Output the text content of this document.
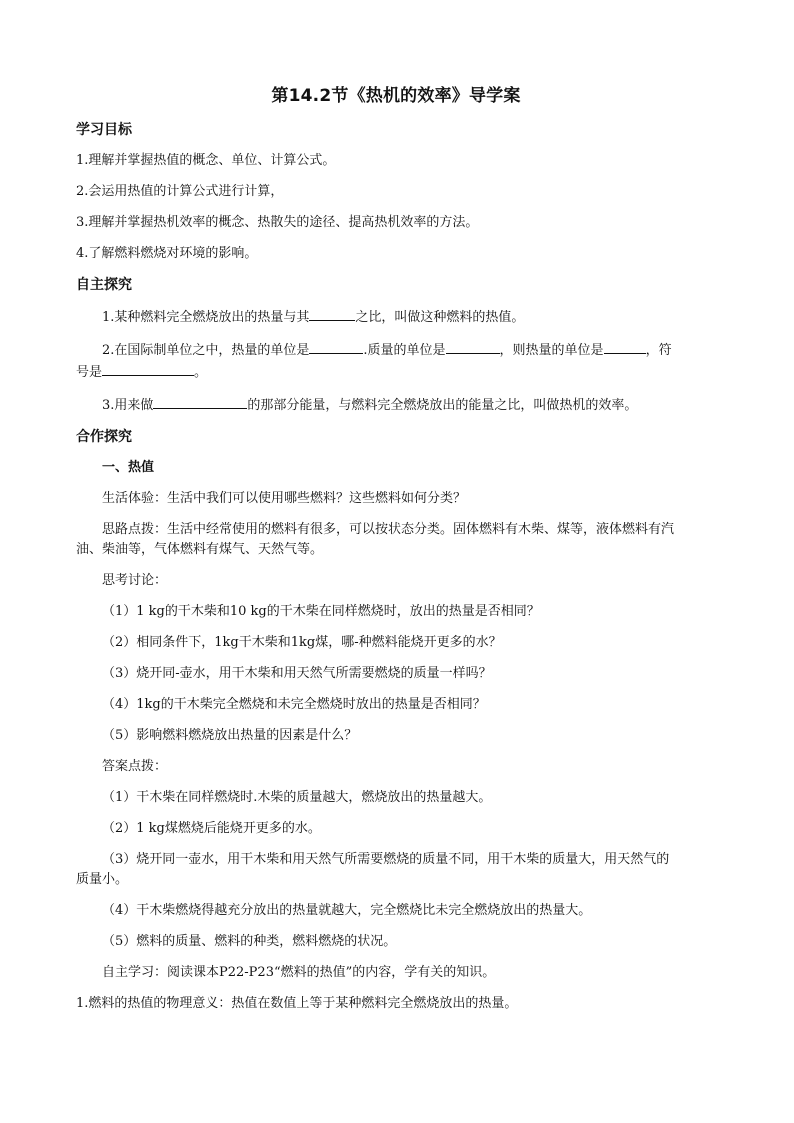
第14.2节《热机的效率》导学案
学习目标
1.理解并掌握热值的概念、单位、计算公式。
2.会运用热值的计算公式进行计算，
3.理解并掌握热机效率的概念、热散失的途径、提高热机效率的方法。
4.了解燃料燃烧对环境的影响。
自主探究
1.某种燃料完全燃烧放出的热量与其	之比，叫做这种燃料的热值。
2.在国际制单位之中，热量的单位是	.质量的单位是	，则热量的单位是	，符
号是	。
3.用来做	的那部分能量，与燃料完全燃烧放出的能量之比，叫做热机的效率。
合作探究
一、热值
生活体验：生活中我们可以使用哪些燃料？这些燃料如何分类？
思路点拨：生活中经常使用的燃料有很多，可以按状态分类。固体燃料有木柴、煤等，液体燃料有汽
油、柴油等，气体燃料有煤气、天然气等。
思考讨论：
（1）1 kg的干木柴和10 kg的干木柴在同样燃烧时，放出的热量是否相同？
（2）相同条件下，1kg干木柴和1kg煤，哪-种燃料能烧开更多的水？
（3）烧开同-壶水，用干木柴和用天然气所需要燃烧的质量一样吗？
（4）1kg的干木柴完全燃烧和未完全燃烧时放出的热量是否相同？
（5）影响燃料燃烧放出热量的因素是什么？
答案点拨：
（1）干木柴在同样燃烧时.木柴的质量越大，燃烧放出的热量越大。
（2）1 kg煤燃烧后能烧开更多的水。
（3）烧开同一壶水，用干木柴和用天然气所需要燃烧的质量不同，用干木柴的质量大，用天然气的
质量小。
（4）干木柴燃烧得越充分放出的热量就越大，完全燃烧比未完全燃烧放出的热量大。
（5）燃料的质量、燃料的种类，燃料燃烧的状况。
自主学习：阅读课本P22-P23“燃料的热值”的内容，学有关的知识。
1.燃料的热值的物理意义：热值在数值上等于某种燃料完全燃烧放出的热量。
